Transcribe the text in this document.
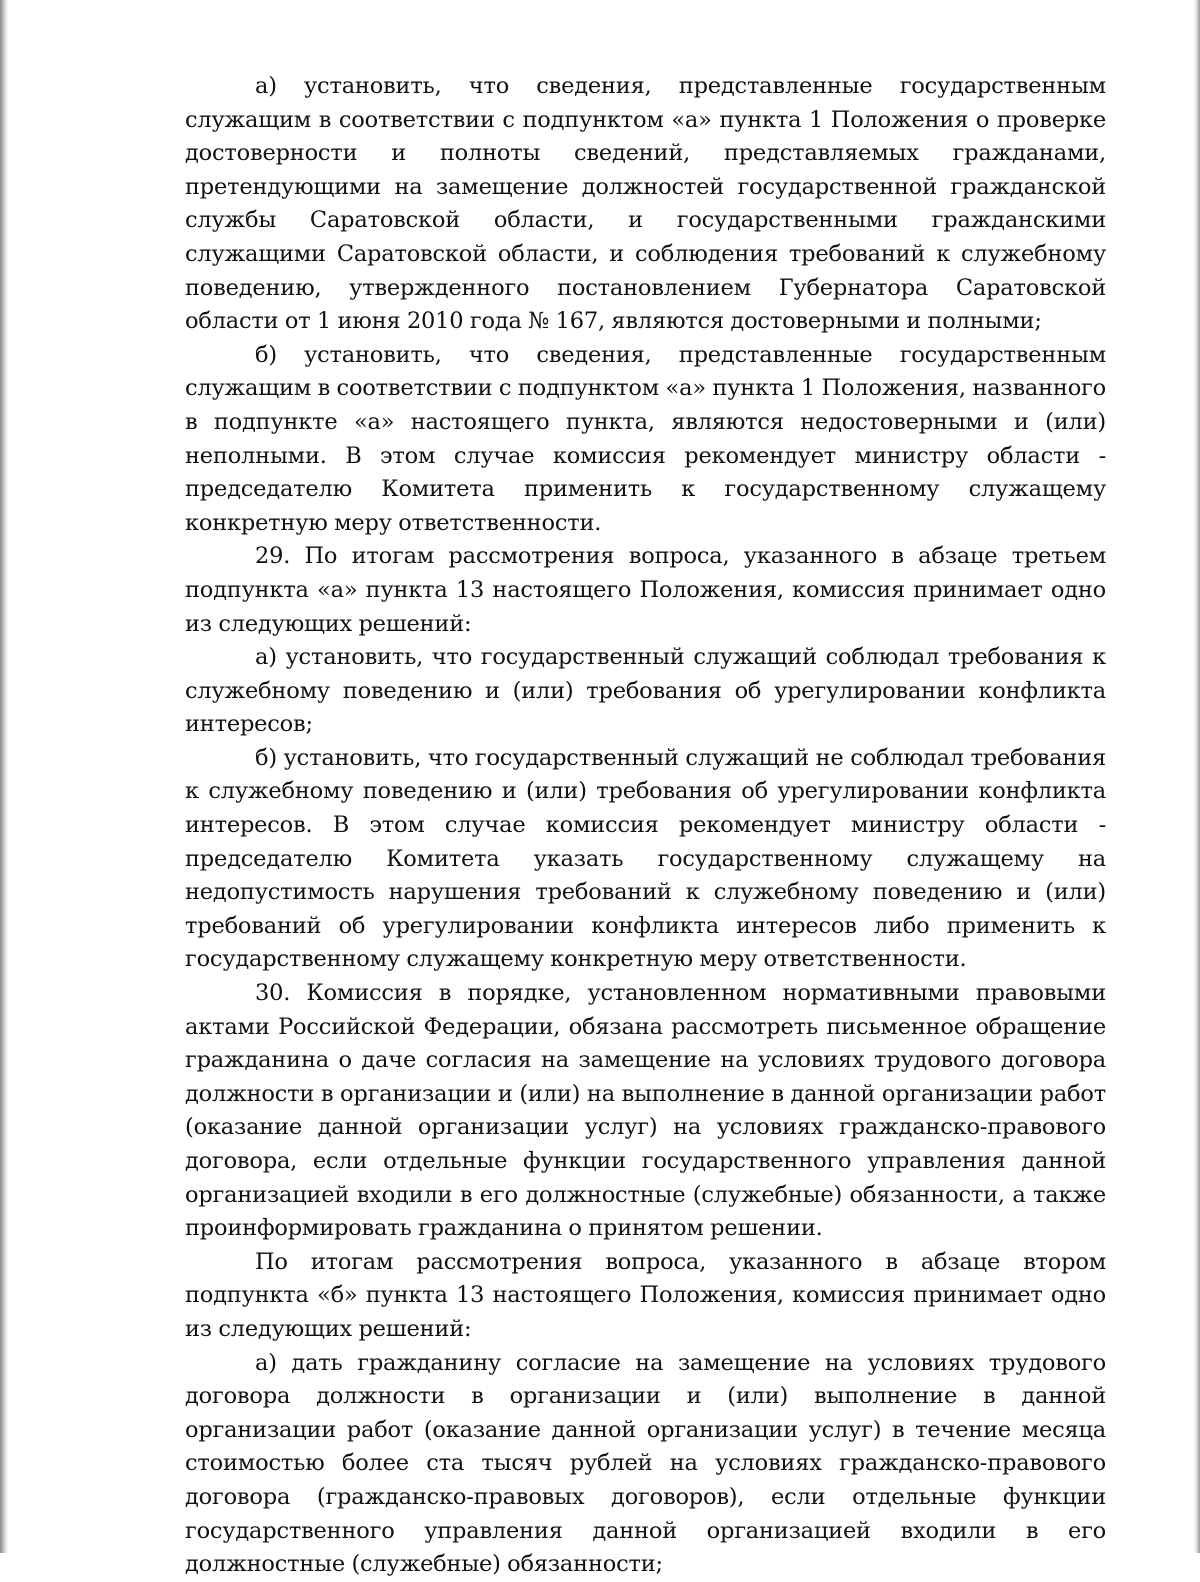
а) установить, что сведения, представленные государственным служащим в соответствии с подпунктом «а» пункта 1 Положения о проверке достоверности и полноты сведений, представляемых гражданами, претендующими на замещение должностей государственной гражданской службы Саратовской области, и государственными гражданскими служащими Саратовской области, и соблюдения требований к служебному поведению, утвержденного постановлением Губернатора Саратовской области от 1 июня 2010 года № 167, являются достоверными и полными;

б) установить, что сведения, представленные государственным служащим в соответствии с подпунктом «а» пункта 1 Положения, названного в подпункте «а» настоящего пункта, являются недостоверными и (или) неполными. В этом случае комиссия рекомендует министру области - председателю Комитета применить к государственному служащему конкретную меру ответственности.

29. По итогам рассмотрения вопроса, указанного в абзаце третьем подпункта «а» пункта 13 настоящего Положения, комиссия принимает одно из следующих решений:

а) установить, что государственный служащий соблюдал требования к служебному поведению и (или) требования об урегулировании конфликта интересов;

б) установить, что государственный служащий не соблюдал требования к служебному поведению и (или) требования об урегулировании конфликта интересов. В этом случае комиссия рекомендует министру области - председателю Комитета указать государственному служащему на недопустимость нарушения требований к служебному поведению и (или) требований об урегулировании конфликта интересов либо применить к государственному служащему конкретную меру ответственности.

30. Комиссия в порядке, установленном нормативными правовыми актами Российской Федерации, обязана рассмотреть письменное обращение гражданина о даче согласия на замещение на условиях трудового договора должности в организации и (или) на выполнение в данной организации работ (оказание данной организации услуг) на условиях гражданско-правового договора, если отдельные функции государственного управления данной организацией входили в его должностные (служебные) обязанности, а также проинформировать гражданина о принятом решении.

По итогам рассмотрения вопроса, указанного в абзаце втором подпункта «б» пункта 13 настоящего Положения, комиссия принимает одно из следующих решений:

а) дать гражданину согласие на замещение на условиях трудового договора должности в организации и (или) выполнение в данной организации работ (оказание данной организации услуг) в течение месяца стоимостью более ста тысяч рублей на условиях гражданско-правового договора (гражданско-правовых договоров), если отдельные функции государственного управления данной организацией входили в его должностные (служебные) обязанности;
